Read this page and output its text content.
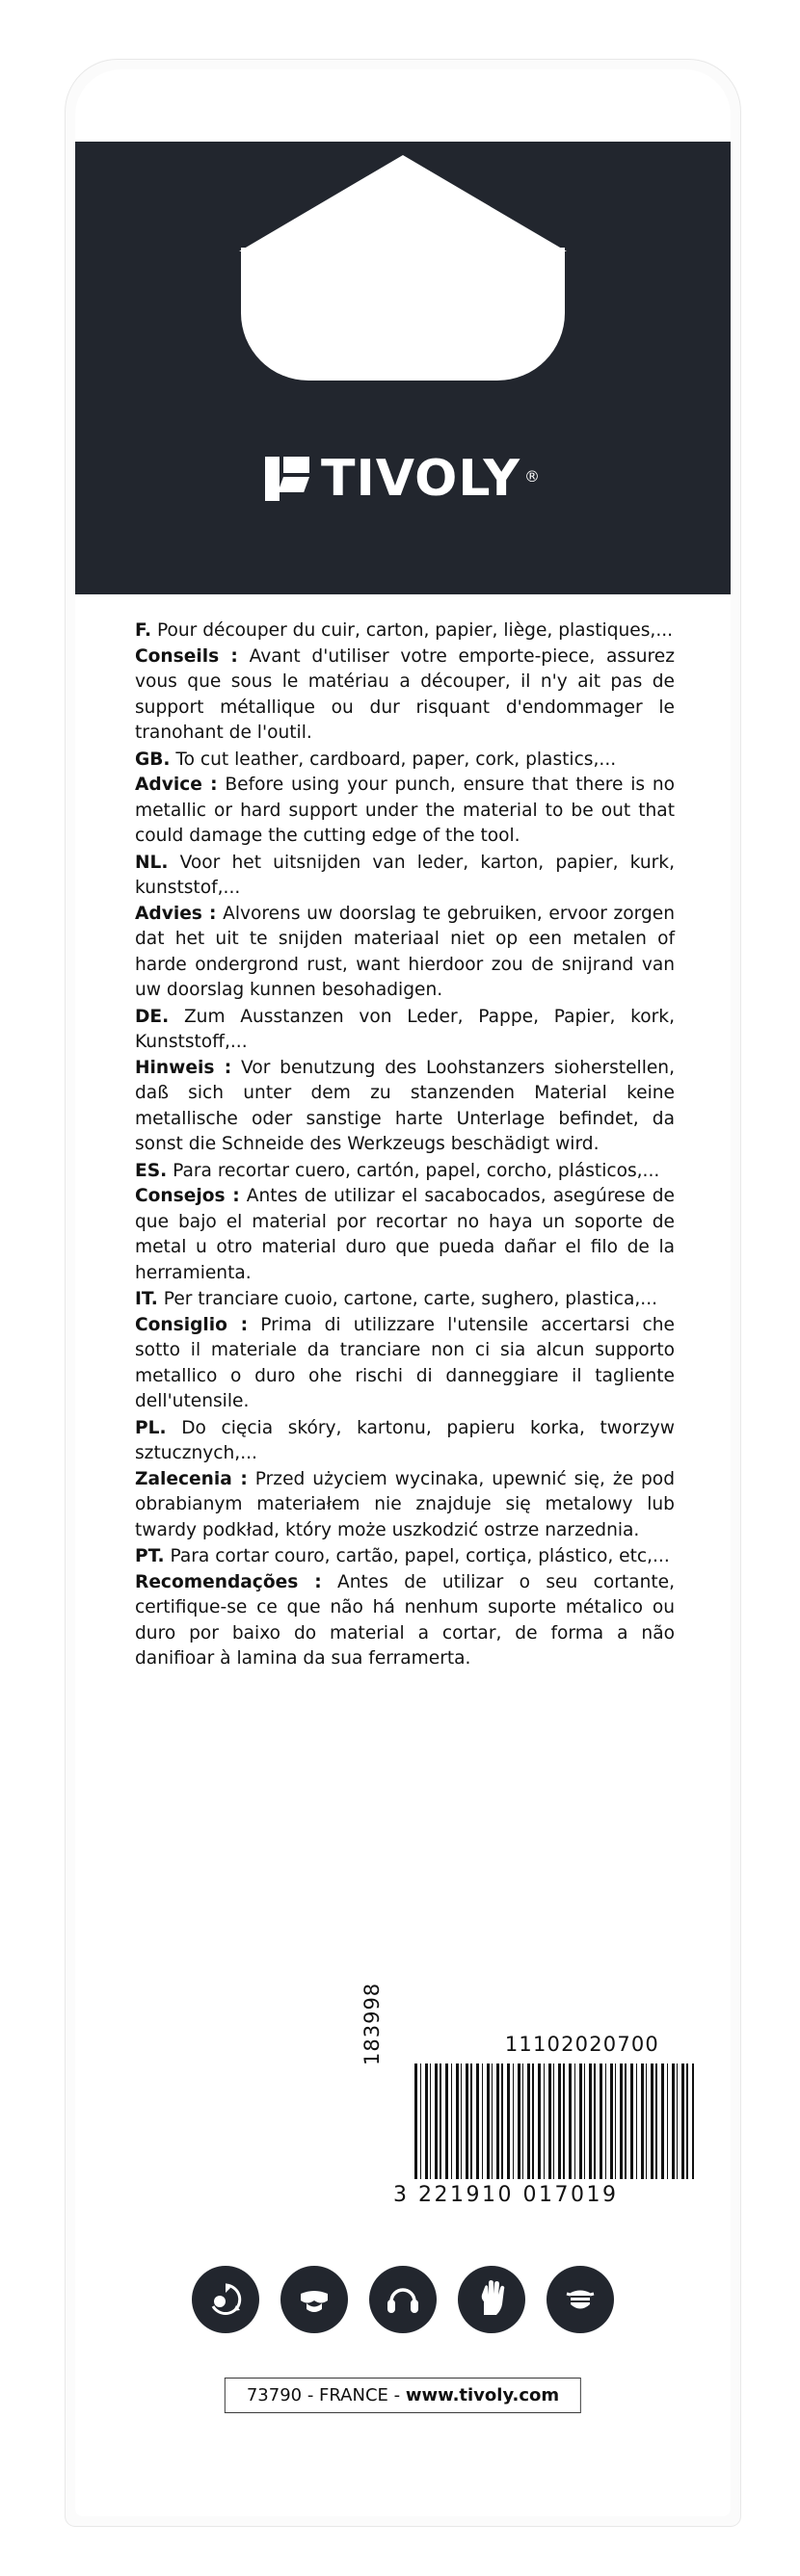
TIVOLY ®

F. Pour découper du cuir, carton, papier, liège, plastiques,...
Conseils : Avant d'utiliser votre emporte-piece, assurez vous que sous le matériau a découper, il n'y ait pas de support métallique ou dur risquant d'endommager le tranohant de l'outil.

GB. To cut leather, cardboard, paper, cork, plastics,...
Advice : Before using your punch, ensure that there is no metallic or hard support under the material to be out that could damage the cutting edge of the tool.

NL. Voor het uitsnijden van leder, karton, papier, kurk, kunststof,...
Advies : Alvorens uw doorslag te gebruiken, ervoor zorgen dat het uit te snijden materiaal niet op een metalen of harde ondergrond rust, want hierdoor zou de snijrand van uw doorslag kunnen besohadigen.

DE. Zum Ausstanzen von Leder, Pappe, Papier, kork, Kunststoff,...
Hinweis : Vor benutzung des Loohstanzers sioherstellen, daß sich unter dem zu stanzenden Material keine metallische oder sanstige harte Unterlage befindet, da sonst die Schneide des Werkzeugs beschädigt wird.

ES. Para recortar cuero, cartón, papel, corcho, plásticos,...
Consejos : Antes de utilizar el sacabocados, asegúrese de que bajo el material por recortar no haya un soporte de metal u otro material duro que pueda dañar el filo de la herramienta.

IT. Per tranciare cuoio, cartone, carte, sughero, plastica,...
Consiglio : Prima di utilizzare l'utensile accertarsi che sotto il materiale da tranciare non ci sia alcun supporto metallico o duro ohe rischi di danneggiare il tagliente dell'utensile.

PL. Do cięcia skóry, kartonu, papieru korka, tworzyw sztucznych,...
Zalecenia : Przed użyciem wycinaka, upewnić się, że pod obrabianym materiałem nie znajduje się metalowy lub twardy podkład, który może uszkodzić ostrze narzednia.

PT. Para cortar couro, cartão, papel, cortiça, plástico, etc,...
Recomendações : Antes de utilizar o seu cortante, certifique-se ce que não há nenhum suporte métalico ou duro por baixo do material a cortar, de forma a não danifioar à lamina da sua ferramerta.

11102020700
183998
3 221910 017019
73790 - FRANCE - www.tivoly.com
